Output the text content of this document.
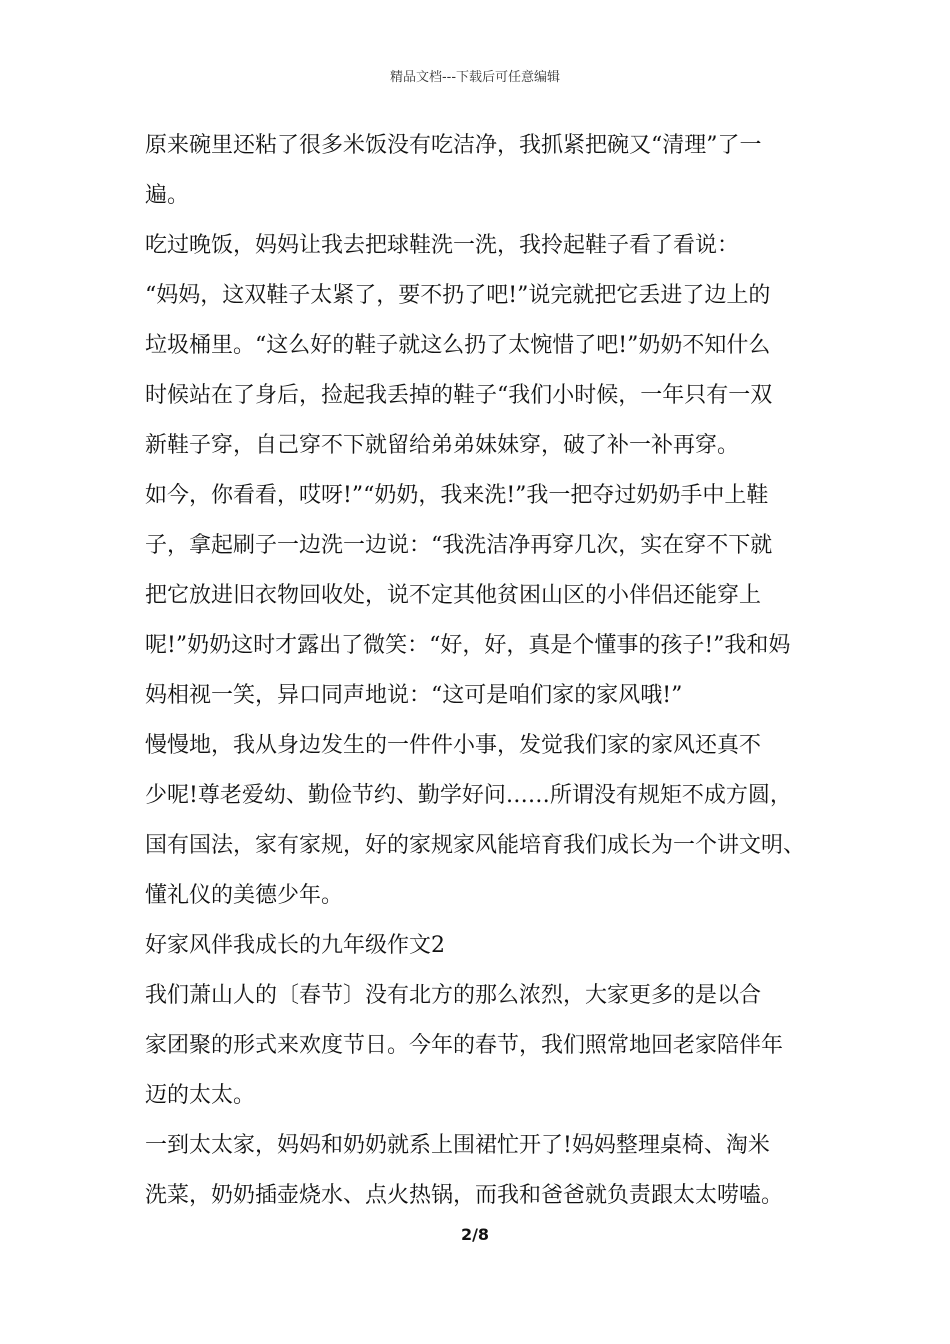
精品文档---下载后可任意编辑
原来碗里还粘了很多米饭没有吃洁净，我抓紧把碗又“清理”了一
遍。
吃过晚饭，妈妈让我去把球鞋洗一洗，我拎起鞋子看了看说：
“妈妈，这双鞋子太紧了，要不扔了吧!”说完就把它丢进了边上的
垃圾桶里。“这么好的鞋子就这么扔了太惋惜了吧!”奶奶不知什么
时候站在了身后，捡起我丢掉的鞋子“我们小时候，一年只有一双
新鞋子穿，自己穿不下就留给弟弟妹妹穿，破了补一补再穿。
如今，你看看，哎呀!”“奶奶，我来洗!”我一把夺过奶奶手中上鞋
子，拿起刷子一边洗一边说：“我洗洁净再穿几次，实在穿不下就
把它放进旧衣物回收处，说不定其他贫困山区的小伴侣还能穿上
呢!”奶奶这时才露出了微笑：“好，好，真是个懂事的孩子!”我和妈
妈相视一笑，异口同声地说：“这可是咱们家的家风哦!”
慢慢地，我从身边发生的一件件小事，发觉我们家的家风还真不
少呢!尊老爱幼、勤俭节约、勤学好问……所谓没有规矩不成方圆，
国有国法，家有家规，好的家规家风能培育我们成长为一个讲文明、
懂礼仪的美德少年。
好家风伴我成长的九年级作文2
我们萧山人的〔春节〕没有北方的那么浓烈，大家更多的是以合
家团聚的形式来欢度节日。今年的春节，我们照常地回老家陪伴年
迈的太太。
一到太太家，妈妈和奶奶就系上围裙忙开了!妈妈整理桌椅、淘米
洗菜，奶奶插壶烧水、点火热锅，而我和爸爸就负责跟太太唠嗑。
2/8
